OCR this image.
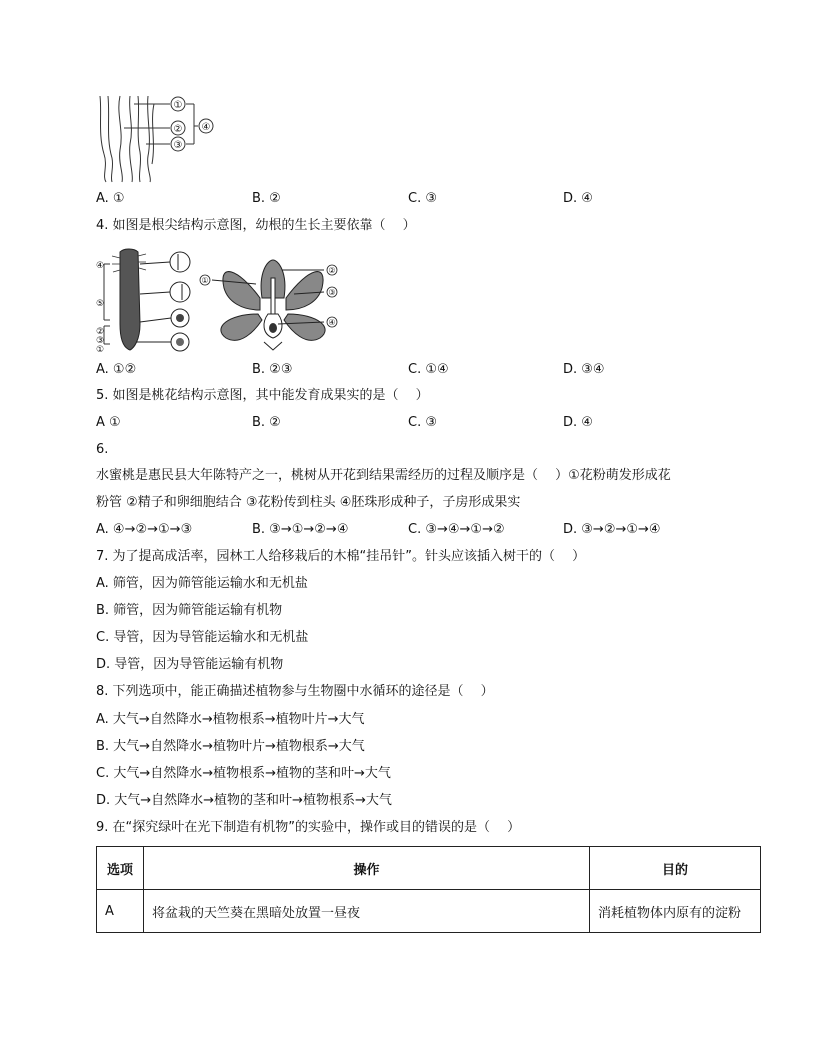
①
②
③
④
A. ①	B. ②	C. ③	D. ④
4. 如图是根尖结构示意图，幼根的生长主要依靠（　 ）
④
⑤
②
③
①
①
②
③
④
A. ①②	B. ②③	C. ①④	D. ③④
5. 如图是桃花结构示意图，其中能发育成果实的是（　 ）
A ①	B. ②	C. ③	D. ④
6.
水蜜桃是惠民县大年陈特产之一，桃树从开花到结果需经历的过程及顺序是（　 ）①花粉萌发形成花
粉管 ②精子和卵细胞结合 ③花粉传到柱头 ④胚珠形成种子，子房形成果实
A. ④→②→①→③	B. ③→①→②→④	C. ③→④→①→②	D. ③→②→①→④
7. 为了提高成活率，园林工人给移栽后的木棉“挂吊针”。针头应该插入树干的（　 ）
A. 筛管，因为筛管能运输水和无机盐
B. 筛管，因为筛管能运输有机物
C. 导管，因为导管能运输水和无机盐
D. 导管，因为导管能运输有机物
8. 下列选项中，能正确描述植物参与生物圈中水循环的途径是（　 ）
A. 大气→自然降水→植物根系→植物叶片→大气
B. 大气→自然降水→植物叶片→植物根系→大气
C. 大气→自然降水→植物根系→植物的茎和叶→大气
D. 大气→自然降水→植物的茎和叶→植物根系→大气
9. 在“探究绿叶在光下制造有机物”的实验中，操作或目的错误的是（　 ）
选项	操作	目的
A	将盆栽的天竺葵在黑暗处放置一昼夜	消耗植物体内原有的淀粉
